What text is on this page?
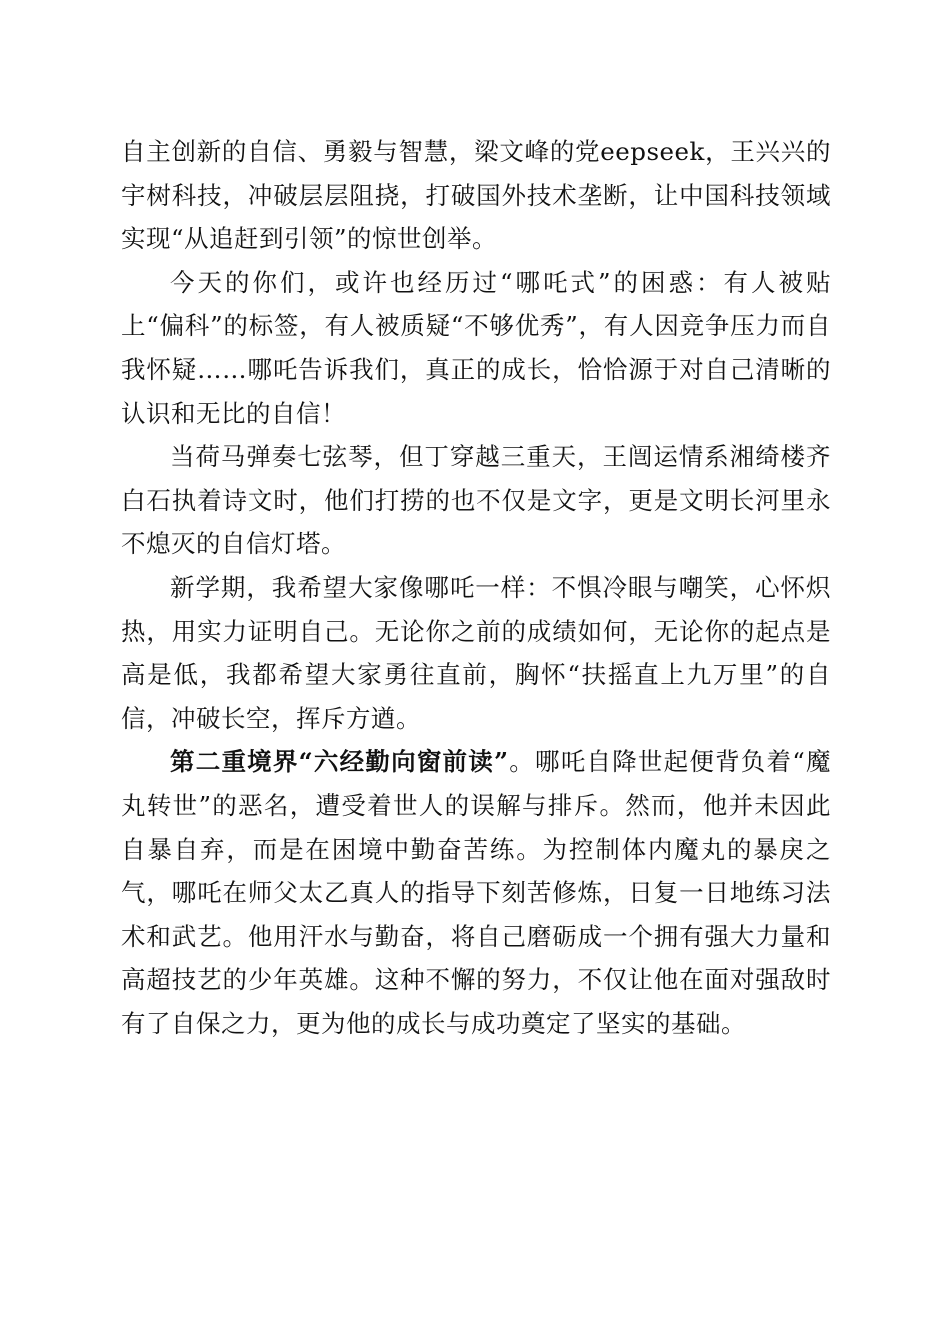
自主创新的自信、勇毅与智慧，梁文峰的党eepseek，王兴兴的宇树科技，冲破层层阻挠，打破国外技术垄断，让中国科技领域实现“从追赶到引领”的惊世创举。

今天的你们，或许也经历过“哪吒式”的困惑：有人被贴上“偏科”的标签，有人被质疑“不够优秀”，有人因竞争压力而自我怀疑……哪吒告诉我们，真正的成长，恰恰源于对自己清晰的认识和无比的自信！

当荷马弹奏七弦琴，但丁穿越三重天，王闿运情系湘绮楼齐白石执着诗文时，他们打捞的也不仅是文字，更是文明长河里永不熄灭的自信灯塔。

新学期，我希望大家像哪吒一样：不惧冷眼与嘲笑，心怀炽热，用实力证明自己。无论你之前的成绩如何，无论你的起点是高是低，我都希望大家勇往直前，胸怀“扶摇直上九万里”的自信，冲破长空，挥斥方遒。

第二重境界“六经勤向窗前读”。哪吒自降世起便背负着“魔丸转世”的恶名，遭受着世人的误解与排斥。然而，他并未因此自暴自弃，而是在困境中勤奋苦练。为控制体内魔丸的暴戾之气，哪吒在师父太乙真人的指导下刻苦修炼，日复一日地练习法术和武艺。他用汗水与勤奋，将自己磨砺成一个拥有强大力量和高超技艺的少年英雄。这种不懈的努力，不仅让他在面对强敌时有了自保之力，更为他的成长与成功奠定了坚实的基础。
